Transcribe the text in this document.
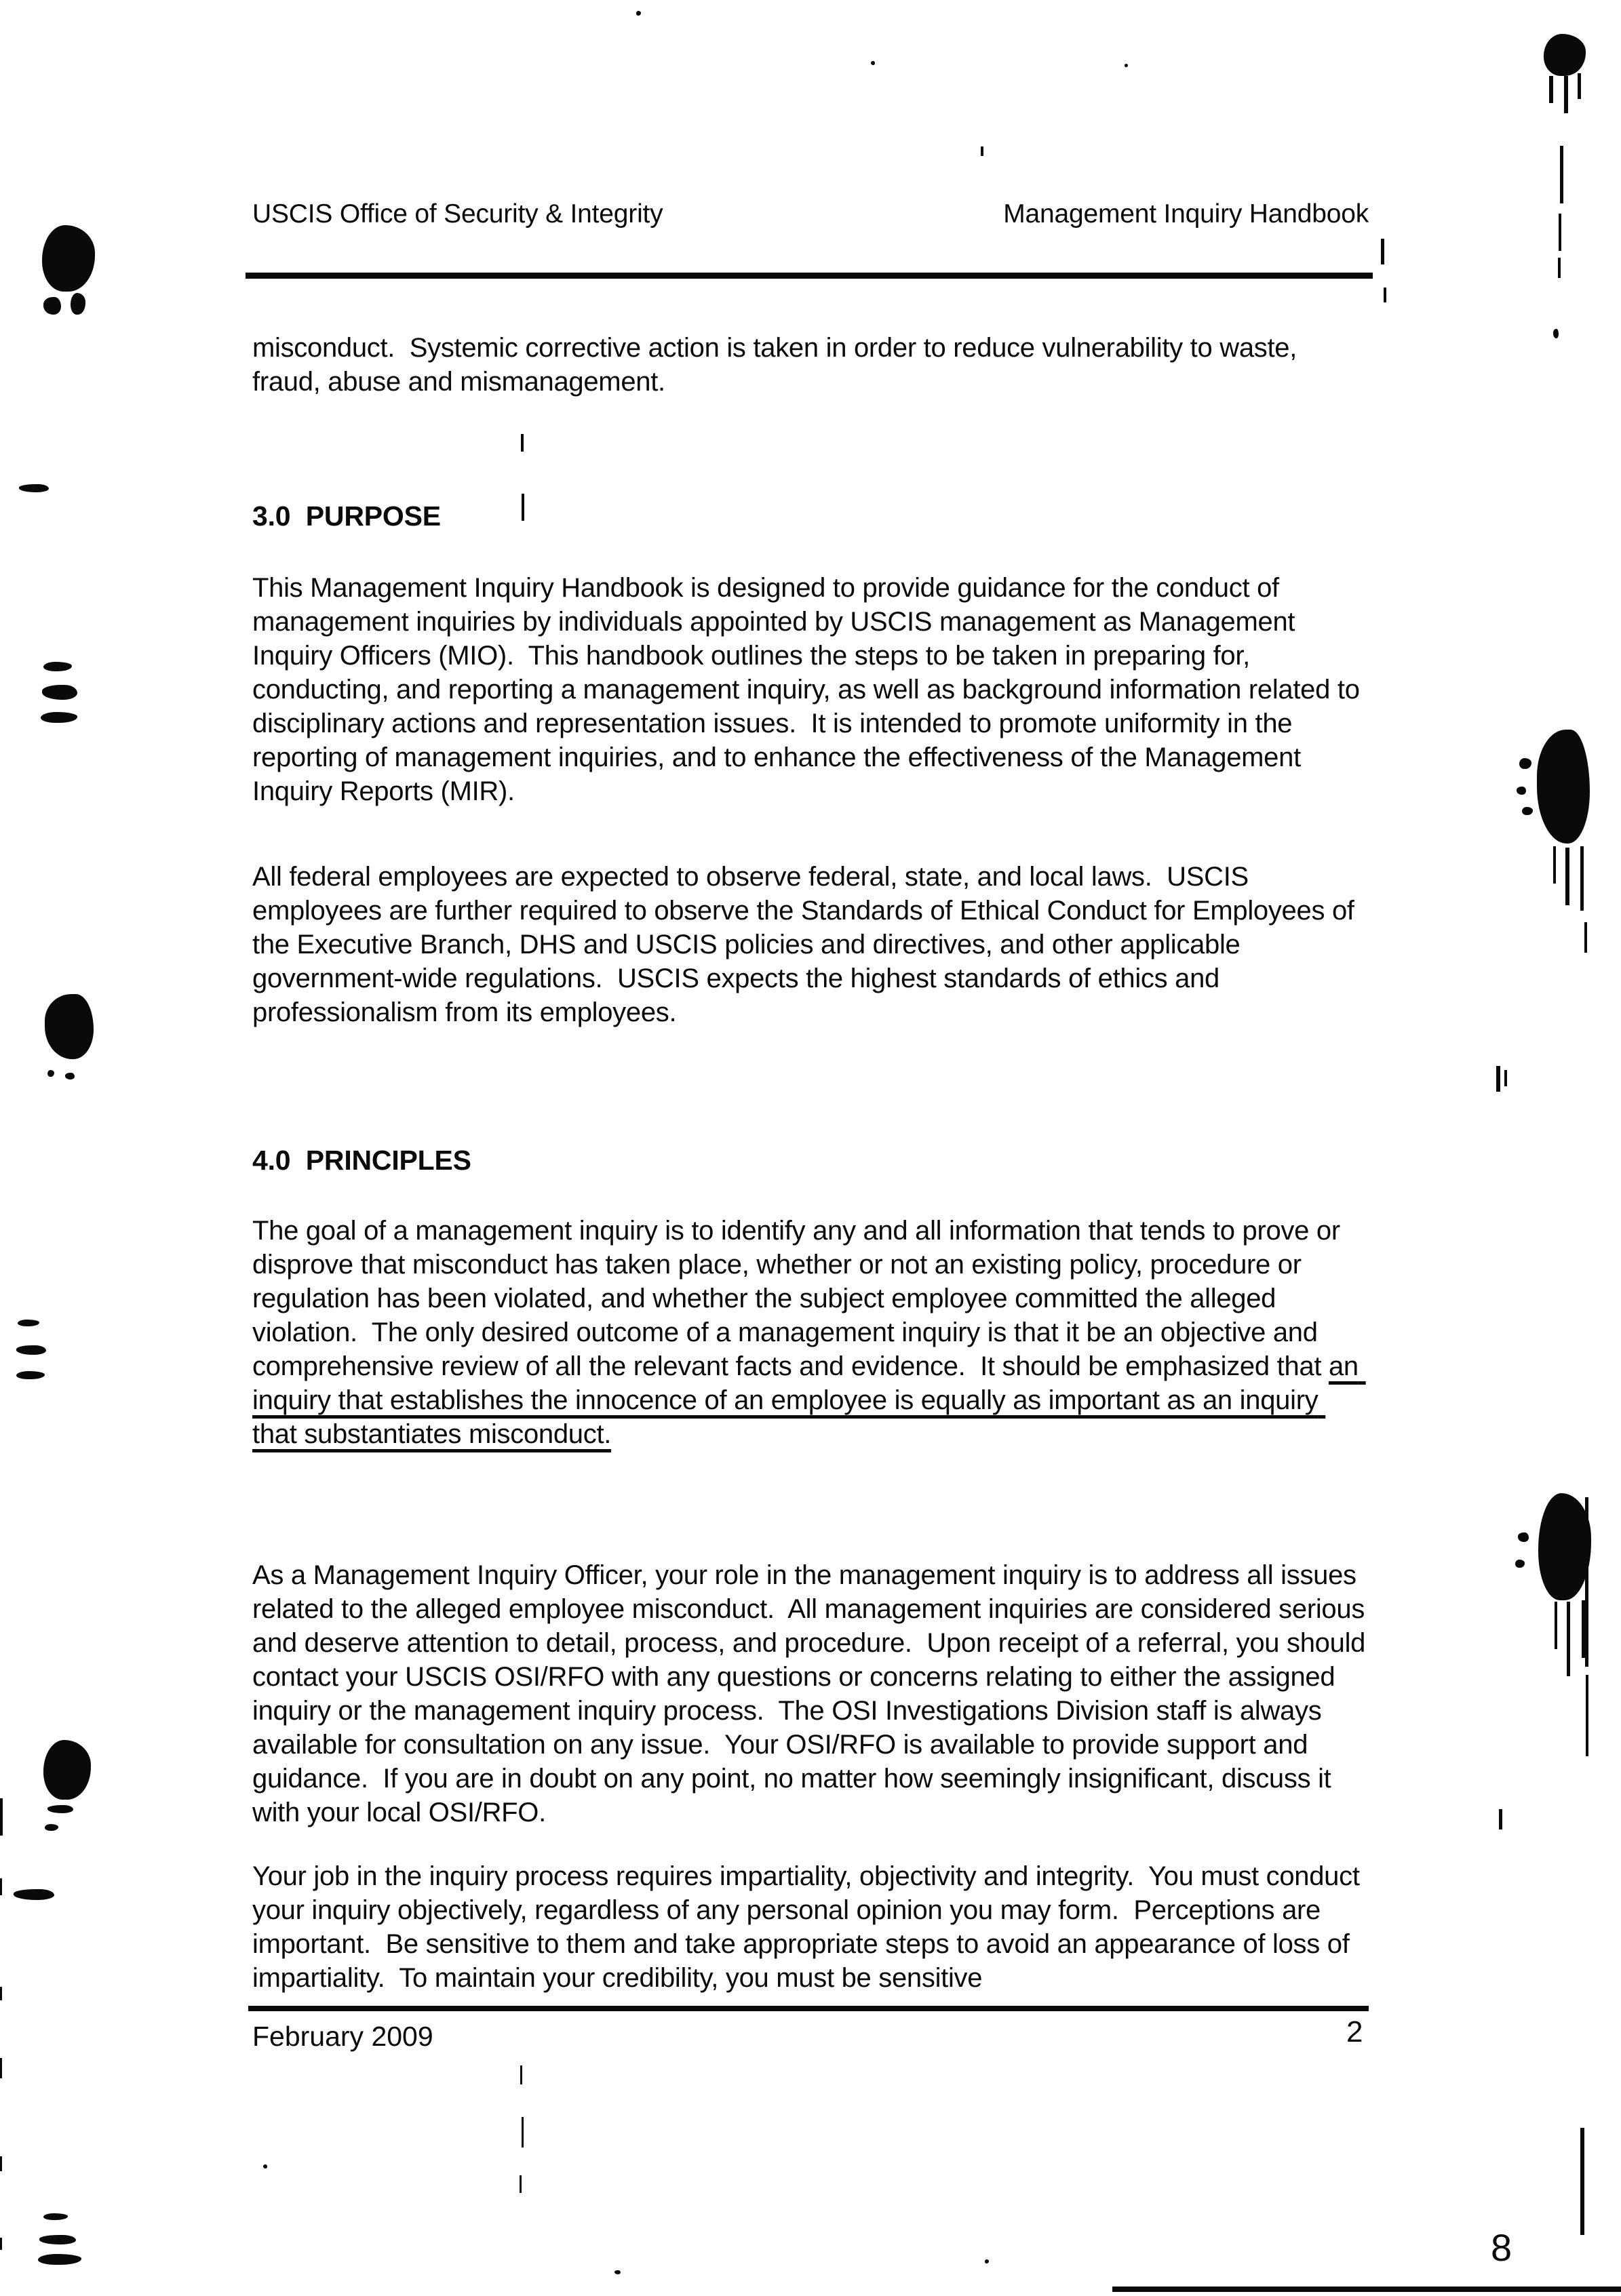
USCIS Office of Security & Integrity	Management Inquiry Handbook

misconduct.  Systemic corrective action is taken in order to reduce vulnerability to waste, fraud, abuse and mismanagement.

3.0  PURPOSE

This Management Inquiry Handbook is designed to provide guidance for the conduct of management inquiries by individuals appointed by USCIS management as Management Inquiry Officers (MIO).  This handbook outlines the steps to be taken in preparing for, conducting, and reporting a management inquiry, as well as background information related to disciplinary actions and representation issues.  It is intended to promote uniformity in the reporting of management inquiries, and to enhance the effectiveness of the Management Inquiry Reports (MIR).

All federal employees are expected to observe federal, state, and local laws.  USCIS employees are further required to observe the Standards of Ethical Conduct for Employees of the Executive Branch, DHS and USCIS policies and directives, and other applicable government-wide regulations.  USCIS expects the highest standards of ethics and professionalism from its employees.

4.0  PRINCIPLES

The goal of a management inquiry is to identify any and all information that tends to prove or disprove that misconduct has taken place, whether or not an existing policy, procedure or regulation has been violated, and whether the subject employee committed the alleged violation.  The only desired outcome of a management inquiry is that it be an objective and comprehensive review of all the relevant facts and evidence.  It should be emphasized that an inquiry that establishes the innocence of an employee is equally as important as an inquiry that substantiates misconduct.

As a Management Inquiry Officer, your role in the management inquiry is to address all issues related to the alleged employee misconduct.  All management inquiries are considered serious and deserve attention to detail, process, and procedure.  Upon receipt of a referral, you should contact your USCIS OSI/RFO with any questions or concerns relating to either the assigned inquiry or the management inquiry process.  The OSI Investigations Division staff is always available for consultation on any issue.  Your OSI/RFO is available to provide support and guidance.  If you are in doubt on any point, no matter how seemingly insignificant, discuss it with your local OSI/RFO.

Your job in the inquiry process requires impartiality, objectivity and integrity.  You must conduct your inquiry objectively, regardless of any personal opinion you may form.  Perceptions are important.  Be sensitive to them and take appropriate steps to avoid an appearance of loss of impartiality.  To maintain your credibility, you must be sensitive

February 2009	2
8
